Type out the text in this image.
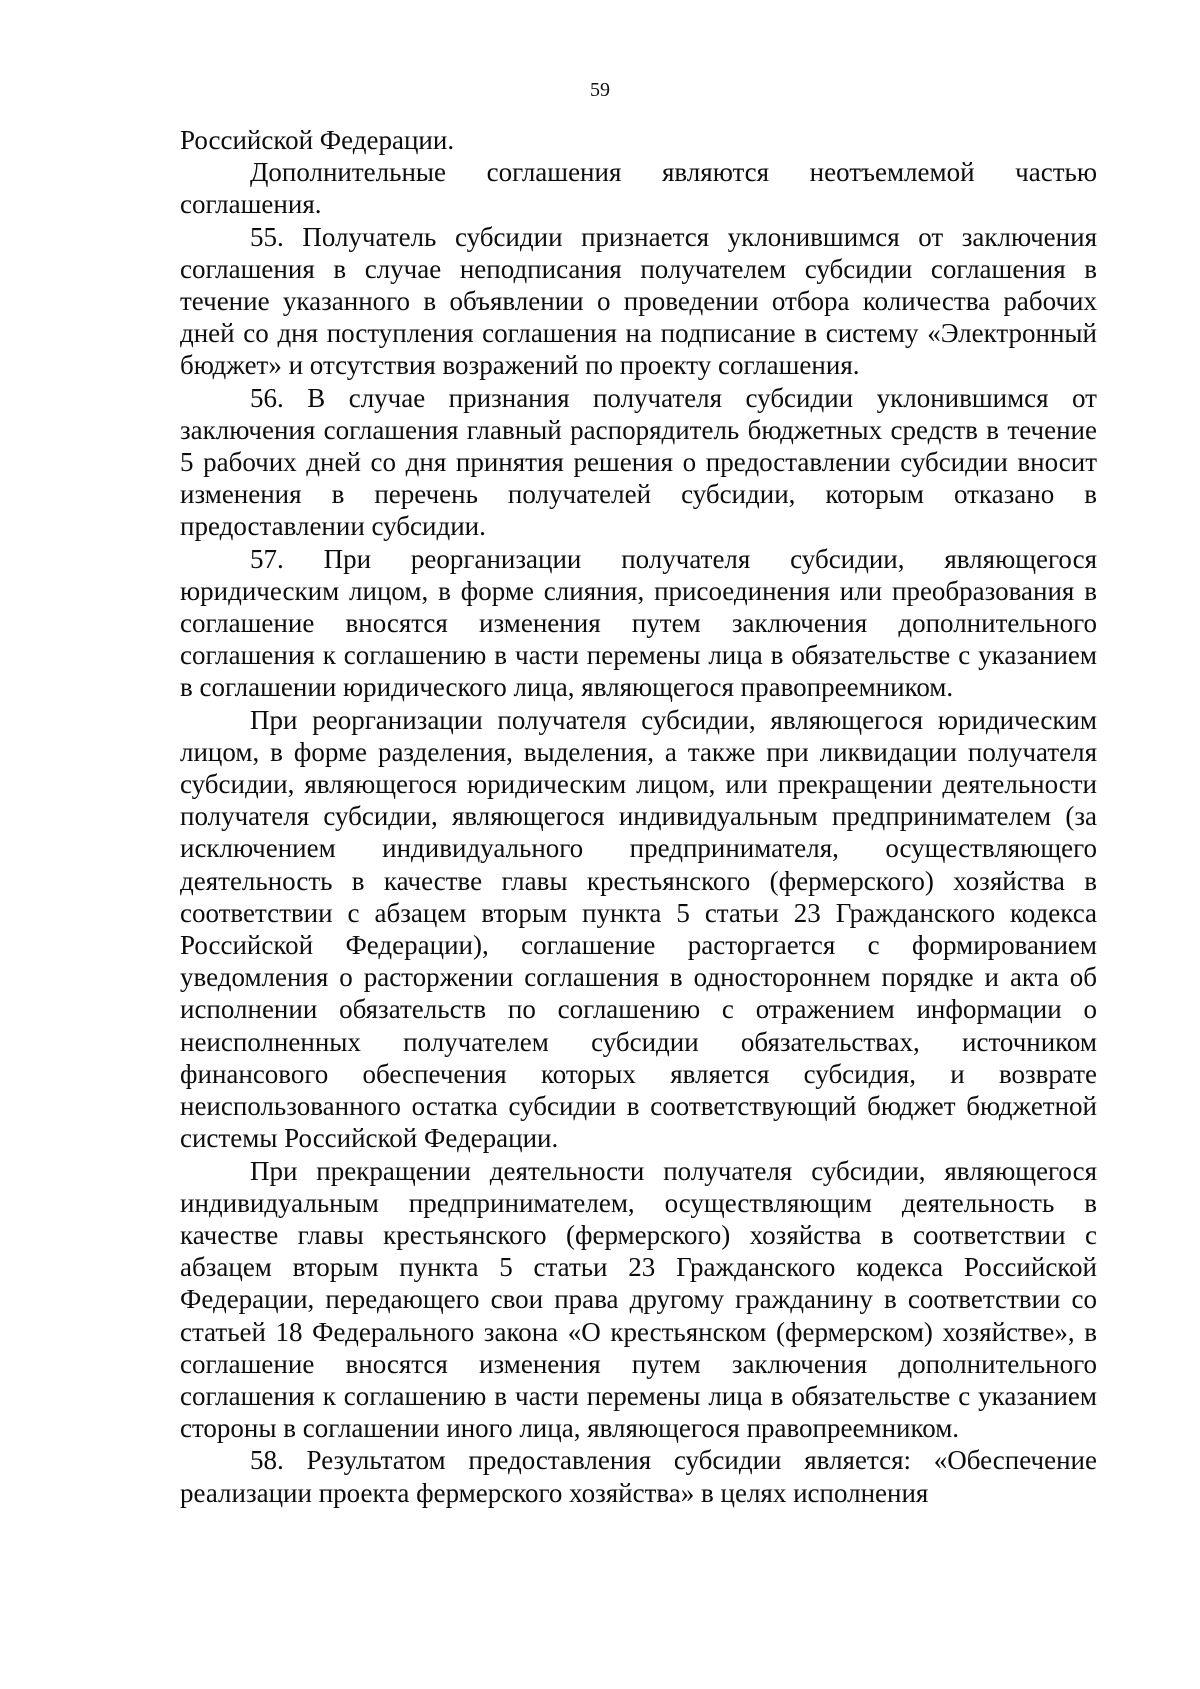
59

Российской Федерации.

Дополнительные соглашения являются неотъемлемой частью соглашения.

55. Получатель субсидии признается уклонившимся от заключения соглашения в случае неподписания получателем субсидии соглашения в течение указанного в объявлении о проведении отбора количества рабочих дней со дня поступления соглашения на подписание в систему «Электронный бюджет» и отсутствия возражений по проекту соглашения.

56. В случае признания получателя субсидии уклонившимся от заключения соглашения главный распорядитель бюджетных средств в течение 5 рабочих дней со дня принятия решения о предоставлении субсидии вносит изменения в перечень получателей субсидии, которым отказано в предоставлении субсидии.

57. При реорганизации получателя субсидии, являющегося юридическим лицом, в форме слияния, присоединения или преобразования в соглашение вносятся изменения путем заключения дополнительного соглашения к соглашению в части перемены лица в обязательстве с указанием в соглашении юридического лица, являющегося правопреемником.

При реорганизации получателя субсидии, являющегося юридическим лицом, в форме разделения, выделения, а также при ликвидации получателя субсидии, являющегося юридическим лицом, или прекращении деятельности получателя субсидии, являющегося индивидуальным предпринимателем (за исключением индивидуального предпринимателя, осуществляющего деятельность в качестве главы крестьянского (фермерского) хозяйства в соответствии с абзацем вторым пункта 5 статьи 23 Гражданского кодекса Российской Федерации), соглашение расторгается с формированием уведомления о расторжении соглашения в одностороннем порядке и акта об исполнении обязательств по соглашению с отражением информации о неисполненных получателем субсидии обязательствах, источником финансового обеспечения которых является субсидия, и возврате неиспользованного остатка субсидии в соответствующий бюджет бюджетной системы Российской Федерации.

При прекращении деятельности получателя субсидии, являющегося индивидуальным предпринимателем, осуществляющим деятельность в качестве главы крестьянского (фермерского) хозяйства в соответствии с абзацем вторым пункта 5 статьи 23 Гражданского кодекса Российской Федерации, передающего свои права другому гражданину в соответствии со статьей 18 Федерального закона «О крестьянском (фермерском) хозяйстве», в соглашение вносятся изменения путем заключения дополнительного соглашения к соглашению в части перемены лица в обязательстве с указанием стороны в соглашении иного лица, являющегося правопреемником.

58. Результатом предоставления субсидии является: «Обеспечение реализации проекта фермерского хозяйства» в целях исполнения
